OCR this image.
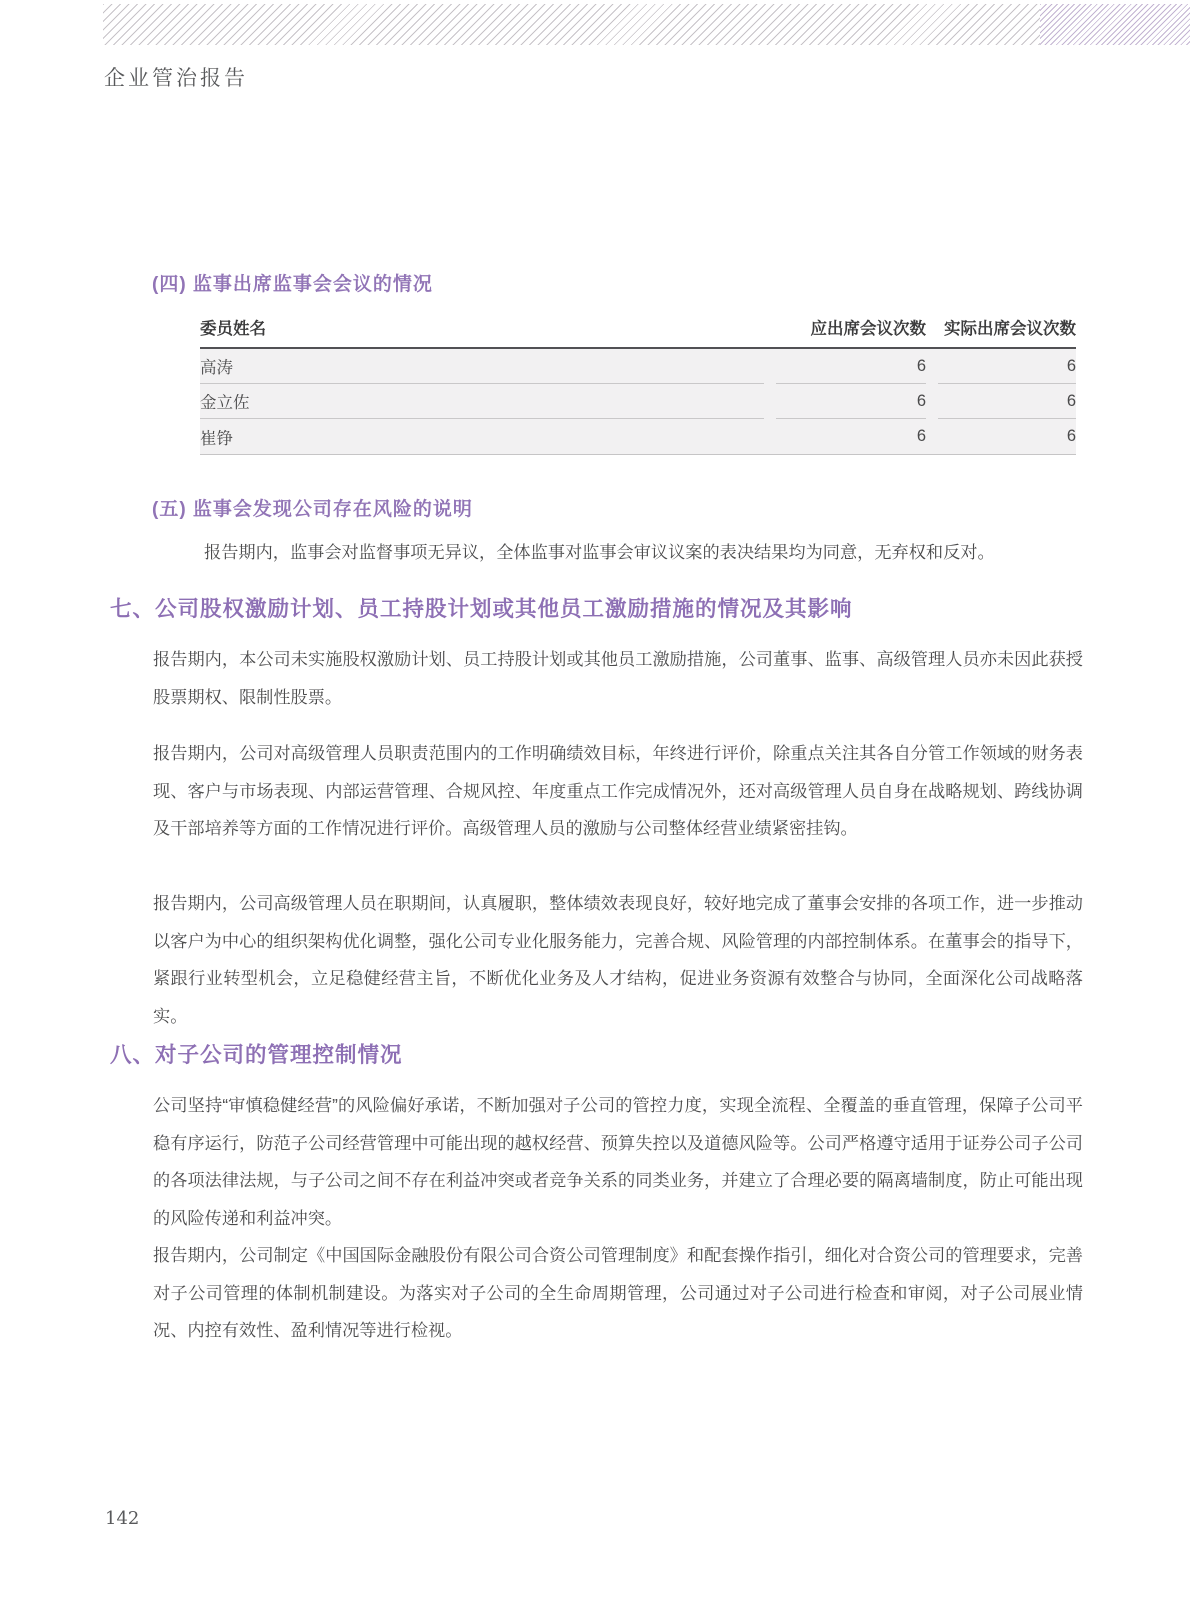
企业管治报告
(四) 监事出席监事会会议的情况
委员姓名	应出席会议次数	实际出席会议次数
高涛	6	6
金立佐	6	6
崔铮	6	6
(五) 监事会发现公司存在风险的说明
报告期内，监事会对监督事项无异议，全体监事对监事会审议议案的表决结果均为同意，无弃权和反对。
七、公司股权激励计划、员工持股计划或其他员工激励措施的情况及其影响
报告期内，本公司未实施股权激励计划、员工持股计划或其他员工激励措施，公司董事、监事、高级管理人员亦未因此获授股票期权、限制性股票。
报告期内，公司对高级管理人员职责范围内的工作明确绩效目标，年终进行评价，除重点关注其各自分管工作领域的财务表现、客户与市场表现、内部运营管理、合规风控、年度重点工作完成情况外，还对高级管理人员自身在战略规划、跨线协调及干部培养等方面的工作情况进行评价。高级管理人员的激励与公司整体经营业绩紧密挂钩。
报告期内，公司高级管理人员在职期间，认真履职，整体绩效表现良好，较好地完成了董事会安排的各项工作，进一步推动以客户为中心的组织架构优化调整，强化公司专业化服务能力，完善合规、风险管理的内部控制体系。在董事会的指导下，紧跟行业转型机会，立足稳健经营主旨，不断优化业务及人才结构，促进业务资源有效整合与协同，全面深化公司战略落实。
八、对子公司的管理控制情况
公司坚持“审慎稳健经营”的风险偏好承诺，不断加强对子公司的管控力度，实现全流程、全覆盖的垂直管理，保障子公司平稳有序运行，防范子公司经营管理中可能出现的越权经营、预算失控以及道德风险等。公司严格遵守适用于证券公司子公司的各项法律法规，与子公司之间不存在利益冲突或者竞争关系的同类业务，并建立了合理必要的隔离墙制度，防止可能出现的风险传递和利益冲突。
报告期内，公司制定《中国国际金融股份有限公司合资公司管理制度》和配套操作指引，细化对合资公司的管理要求，完善对子公司管理的体制机制建设。为落实对子公司的全生命周期管理，公司通过对子公司进行检查和审阅，对子公司展业情况、内控有效性、盈利情况等进行检视。
142
